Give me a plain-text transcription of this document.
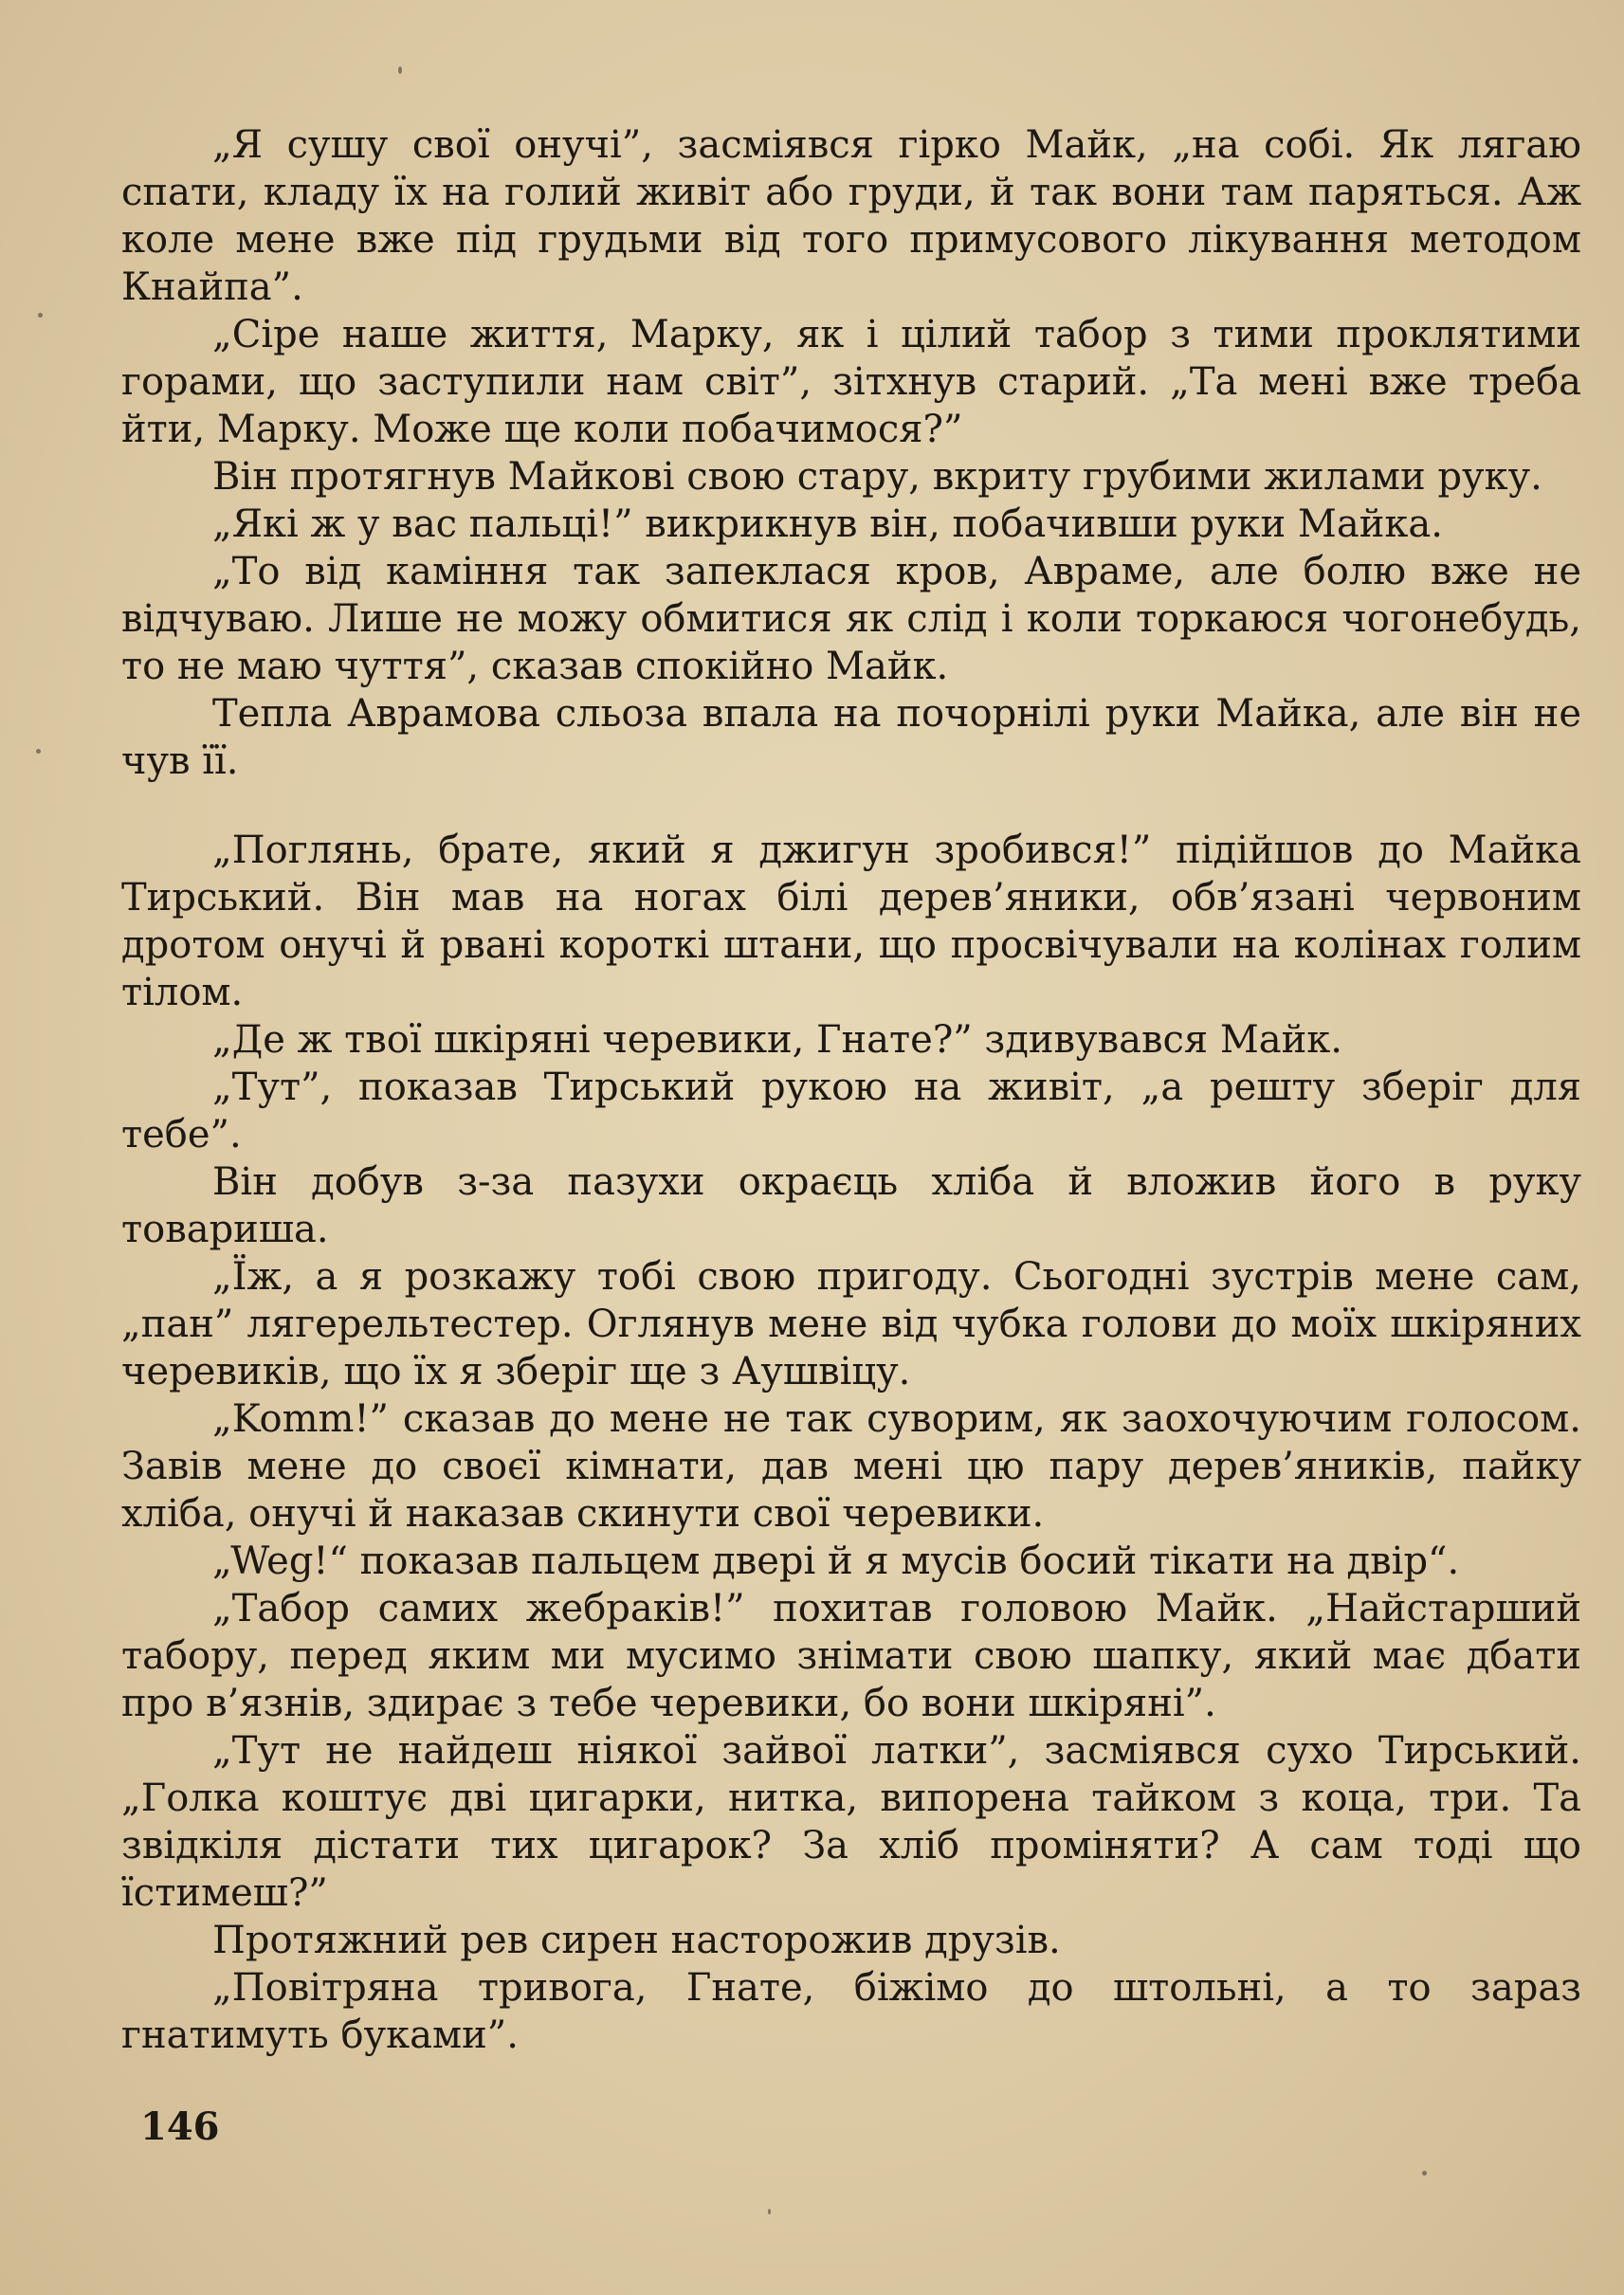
„Я сушу свої онучі”, засміявся гірко Майк, „на собі. Як лягаю спати, кладу їх на голий живіт або груди, й так вони там паряться. Аж коле мене вже під грудьми від того примусового лікування методом Кнайпа”.

„Сіре наше життя, Марку, як і цілий табор з тими проклятими горами, що заступили нам світ”, зітхнув старий. „Та мені вже треба йти, Марку. Може ще коли побачимося?”

Він протягнув Майкові свою стару, вкриту грубими жилами руку.

„Які ж у вас пальці!” викрикнув він, побачивши руки Майка.

„То від каміння так запеклася кров, Авраме, але болю вже не відчуваю. Лише не можу обмитися як слід і коли торкаюся чогонебудь, то не маю чуття”, сказав спокійно Майк.

Тепла Аврамова сльоза впала на почорнілі руки Майка, але він не чув її.

„Поглянь, брате, який я джигун зробився!” підійшов до Майка Тирський. Він мав на ногах білі дерев’яники, обв’язані червоним дротом онучі й рвані короткі штани, що просвічували на колінах голим тілом.

„Де ж твої шкіряні черевики, Гнате?” здивувався Майк.

„Тут”, показав Тирський рукою на живіт, „а решту зберіг для тебе”.

Він добув з-за пазухи окраєць хліба й вложив його в руку товариша.

„Їж, а я розкажу тобі свою пригоду. Сьогодні зустрів мене сам, „пан” лягерельтестер. Оглянув мене від чубка голови до моїх шкіряних черевиків, що їх я зберіг ще з Аушвіцу.

„Komm!” сказав до мене не так суворим, як заохочуючим голосом. Завів мене до своєї кімнати, дав мені цю пару дерев’яників, пайку хліба, онучі й наказав скинути свої черевики.

„Weg!“ показав пальцем двері й я мусів босий тікати на двір“.

„Табор самих жебраків!” похитав головою Майк. „Найстарший табору, перед яким ми мусимо знімати свою шапку, який має дбати про в’язнів, здирає з тебе черевики, бо вони шкіряні”.

„Тут не найдеш ніякої зайвої латки”, засміявся сухо Тирський. „Голка коштує дві цигарки, нитка, випорена тайком з коца, три. Та звідкіля дістати тих цигарок? За хліб проміняти? А сам тоді що їстимеш?”

Протяжний рев сирен насторожив друзів.

„Повітряна тривога, Гнате, біжімо до штольні, а то зараз гнатимуть буками”.

146
